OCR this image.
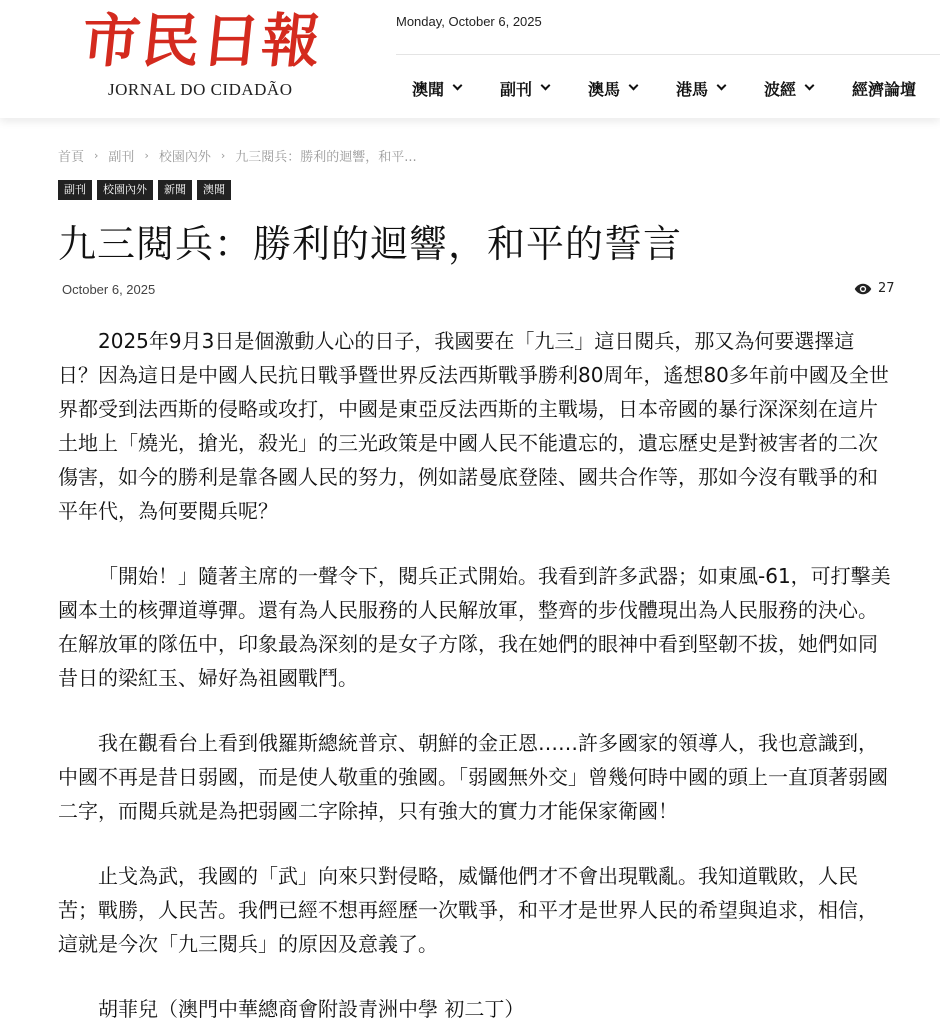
市民日報
JORNAL DO CIDADÃO
Monday, October 6, 2025
澳聞	副刊	澳馬	港馬	波經	經濟論壇
首頁 › 副刊 › 校園內外 › 九三閱兵：勝利的迴響，和平...
副刊	校園內外	新聞	澳聞
九三閱兵：勝利的迴響，和平的誓言
October 6, 2025	27

2025年9月3日是個激動人心的日子，我國要在「九三」這日閱兵，那又為何要選擇這日？因為這日是中國人民抗日戰爭暨世界反法西斯戰爭勝利80周年，遙想80多年前中國及全世界都受到法西斯的侵略或攻打，中國是東亞反法西斯的主戰場，日本帝國的暴行深深刻在這片土地上「燒光，搶光，殺光」的三光政策是中國人民不能遺忘的，遺忘歷史是對被害者的二次傷害，如今的勝利是靠各國人民的努力，例如諾曼底登陸、國共合作等，那如今沒有戰爭的和平年代，為何要閱兵呢？

「開始！」隨著主席的一聲令下，閱兵正式開始。我看到許多武器；如東風-61，可打擊美國本土的核彈道導彈。還有為人民服務的人民解放軍，整齊的步伐體現出為人民服務的決心。在解放軍的隊伍中，印象最為深刻的是女子方隊，我在她們的眼神中看到堅韌不拔，她們如同昔日的梁紅玉、婦好為祖國戰鬥。

我在觀看台上看到俄羅斯總統普京、朝鮮的金正恩……許多國家的領導人，我也意識到，中國不再是昔日弱國，而是使人敬重的強國。「弱國無外交」曾幾何時中國的頭上一直頂著弱國二字，而閱兵就是為把弱國二字除掉，只有強大的實力才能保家衛國！

止戈為武，我國的「武」向來只對侵略，威懾他們才不會出現戰亂。我知道戰敗，人民苦；戰勝，人民苦。我們已經不想再經歷一次戰爭，和平才是世界人民的希望與追求，相信，這就是今次「九三閱兵」的原因及意義了。

胡菲兒（澳門中華總商會附設青洲中學 初二丁）
